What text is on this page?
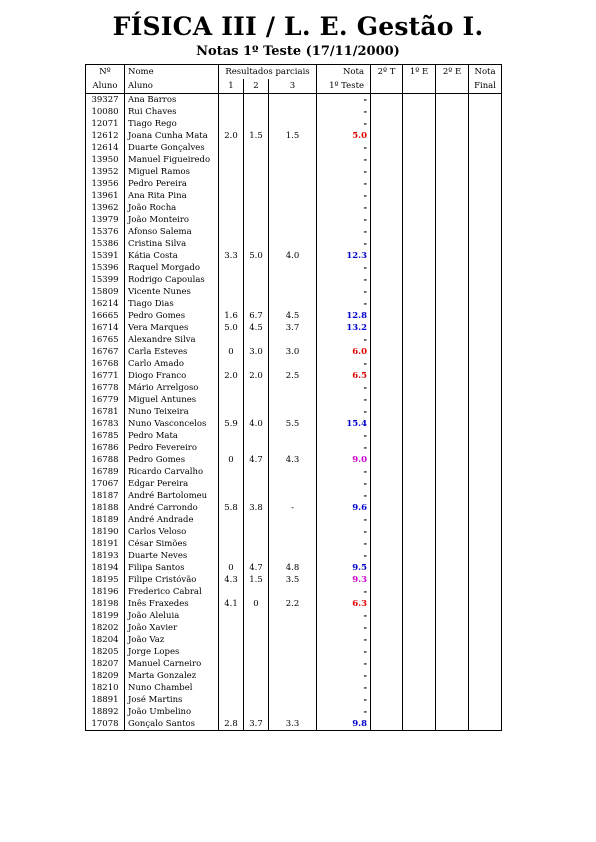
FÍSICA III / L. E. Gestão I.
Notas 1º Teste (17/11/2000)
Nº	Nome	Resultados parciais			Nota	2º T	1º E	2º E	Nota
Aluno	Aluno	1	2	3	1º Teste				Final
39327	Ana Barros				-				
10080	Rui Chaves				-				
12071	Tiago Rego				-				
12612	Joana Cunha Mata	2.0	1.5	1.5	5.0				
12614	Duarte Gonçalves				-				
13950	Manuel Figueiredo				-				
13952	Miguel Ramos				-				
13956	Pedro Pereira				-				
13961	Ana Rita Pina				-				
13962	João Rocha				-				
13979	João Monteiro				-				
15376	Afonso Salema				-				
15386	Cristina Silva				-				
15391	Kátia Costa	3.3	5.0	4.0	12.3				
15396	Raquel Morgado				-				
15399	Rodrigo Capoulas				-				
15809	Vicente Nunes				-				
16214	Tiago Dias				-				
16665	Pedro Gomes	1.6	6.7	4.5	12.8				
16714	Vera Marques	5.0	4.5	3.7	13.2				
16765	Alexandre Silva				-				
16767	Carla Esteves	0	3.0	3.0	6.0				
16768	Carlo Amado				-				
16771	Diogo Franco	2.0	2.0	2.5	6.5				
16778	Mário Arrelgoso				-				
16779	Miguel Antunes				-				
16781	Nuno Teixeira				-				
16783	Nuno Vasconcelos	5.9	4.0	5.5	15.4				
16785	Pedro Mata				-				
16786	Pedro Fevereiro				-				
16788	Pedro Gomes	0	4.7	4.3	9.0				
16789	Ricardo Carvalho				-				
17067	Edgar Pereira				-				
18187	André Bartolomeu				-				
18188	André Carrondo	5.8	3.8	-	9.6				
18189	André Andrade				-				
18190	Carlos Veloso				-				
18191	César Simões				-				
18193	Duarte Neves				-				
18194	Filipa Santos	0	4.7	4.8	9.5				
18195	Filipe Cristóvão	4.3	1.5	3.5	9.3				
18196	Frederico Cabral				-				
18198	Inês Fraxedes	4.1	0	2.2	6.3				
18199	João Aleluia				-				
18202	João Xavier				-				
18204	João Vaz				-				
18205	Jorge Lopes				-				
18207	Manuel Carneiro				-				
18209	Marta Gonzalez				-				
18210	Nuno Chambel				-				
18891	José Martins				-				
18892	João Umbelino				-				
17078	Gonçalo Santos	2.8	3.7	3.3	9.8				
